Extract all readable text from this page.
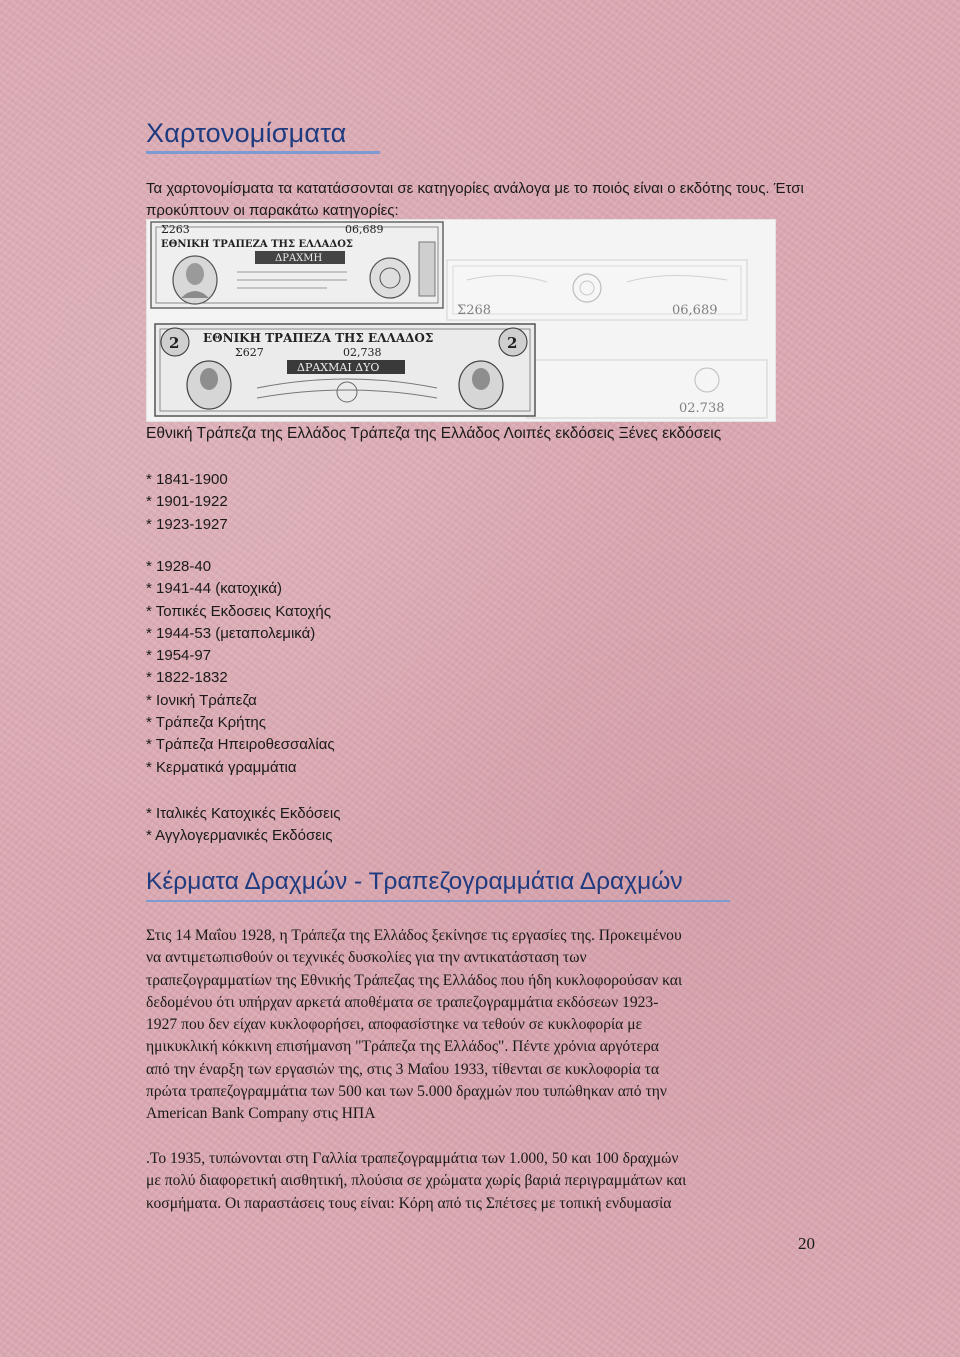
Χαρτονομίσματα
Τα χαρτονομίσματα τα κατατάσσονται σε κατηγορίες ανάλογα με το ποιός είναι ο εκδότης τους. Έτσι προκύπτουν οι παρακάτω κατηγορίες:
Σ268	06,689
Σ263	06,689
ΕΘΝΙΚΗ ΤΡΑΠΕΖΑ ΤΗΣ ΕΛΛΑΔΟΣ
ΔΡΑΧΜΗ
02.738
2	2
ΕΘΝΙΚΗ ΤΡΑΠΕΖΑ ΤΗΣ ΕΛΛΑΔΟΣ
Σ627	02,738
ΔΡΑΧΜΑΙ ΔΥΟ
Εθνική Τράπεζα της Ελλάδος Τράπεζα της Ελλάδος Λοιπές εκδόσεις Ξένες εκδόσεις
* 1841-1900
* 1901-1922
* 1923-1927
* 1928-40
* 1941-44 (κατοχικά)
* Τοπικές Εκδοσεις Κατοχής
* 1944-53 (μεταπολεμικά)
* 1954-97
* 1822-1832
* Ιονική Τράπεζα
* Τράπεζα Κρήτης
* Τράπεζα Ηπειροθεσσαλίας
* Κερματικά γραμμάτια
* Ιταλικές Κατοχικές Εκδόσεις
* Αγγλογερμανικές Εκδόσεις
Κέρματα Δραχμών - Τραπεζογραμμάτια Δραχμών
Στις 14 Μαΐου 1928, η Τράπεζα της Ελλάδος ξεκίνησε τις εργασίες της. Προκειμένου
να αντιμετωπισθούν οι τεχνικές δυσκολίες για την αντικατάσταση των
τραπεζογραμματίων της Εθνικής Τράπεζας της Ελλάδος που ήδη κυκλοφορούσαν και
δεδομένου ότι υπήρχαν αρκετά αποθέματα σε τραπεζογραμμάτια εκδόσεων 1923-
1927 που δεν είχαν κυκλοφορήσει, αποφασίστηκε να τεθούν σε κυκλοφορία με
ημικυκλική κόκκινη επισήμανση "Τράπεζα της Ελλάδος". Πέντε χρόνια αργότερα
από την έναρξη των εργασιών της, στις 3 Μαΐου 1933, τίθενται σε κυκλοφορία τα
πρώτα τραπεζογραμμάτια των 500 και των 5.000 δραχμών που τυπώθηκαν από την
American Bank Company στις ΗΠΑ
.Το 1935, τυπώνονται στη Γαλλία τραπεζογραμμάτια των 1.000, 50 και 100 δραχμών
με πολύ διαφορετική αισθητική, πλούσια σε χρώματα χωρίς βαριά περιγραμμάτων και
κοσμήματα. Οι παραστάσεις τους είναι: Κόρη από τις Σπέτσες με τοπική ενδυμασία
20
